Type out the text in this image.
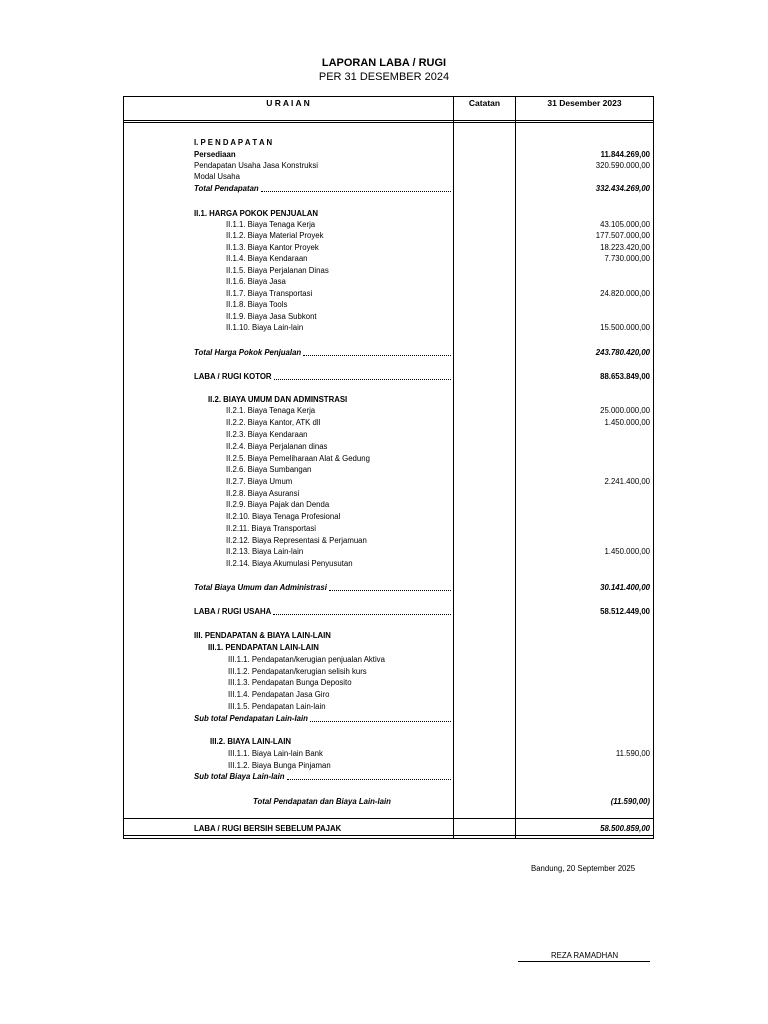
LAPORAN LABA / RUGI
PER 31 DESEMBER 2024
U R A I A N	Catatan	31 Desember 2023
I. P E N D A P A T A N
Persediaan	11.844.269,00
Pendapatan Usaha Jasa Konstruksi	320.590.000,00
Modal Usaha
Total Pendapatan	332.434.269,00
II.1. HARGA POKOK PENJUALAN
II.1.1. Biaya Tenaga Kerja	43.105.000,00
II.1.2. Biaya Material Proyek	177.507.000,00
II.1.3. Biaya Kantor Proyek	18.223.420,00
II.1.4. Biaya Kendaraan	7.730.000,00
II.1.5. Biaya Perjalanan Dinas
II.1.6. Biaya Jasa
II.1.7. Biaya Transportasi	24.820.000,00
II.1.8. Biaya Tools
II.1.9. Biaya Jasa Subkont
II.1.10. Biaya Lain-lain	15.500.000,00
Total Harga Pokok Penjualan	243.780.420,00
LABA / RUGI KOTOR	88.653.849,00
II.2. BIAYA UMUM DAN ADMINSTRASI
II.2.1. Biaya Tenaga Kerja	25.000.000,00
II.2.2. Biaya Kantor, ATK dll	1.450.000,00
II.2.3. Biaya Kendaraan
II.2.4. Biaya Perjalanan dinas
II.2.5. Biaya Pemeliharaan Alat & Gedung
II.2.6. Biaya Sumbangan
II.2.7. Biaya Umum	2.241.400,00
II.2.8. Biaya Asuransi
II.2.9. Biaya Pajak dan Denda
II.2.10. Biaya Tenaga Profesional
II.2.11. Biaya Transportasi
II.2.12. Biaya Representasi & Perjamuan
II.2.13. Biaya Lain-lain	1.450.000,00
II.2.14. Biaya Akumulasi Penyusutan
Total Biaya Umum dan Administrasi	30.141.400,00
LABA / RUGI USAHA	58.512.449,00
III. PENDAPATAN & BIAYA LAIN-LAIN
III.1. PENDAPATAN LAIN-LAIN
III.1.1. Pendapatan/kerugian penjualan Aktiva
III.1.2. Pendapatan/kerugian selisih kurs
III.1.3. Pendapatan Bunga Deposito
III.1.4. Pendapatan Jasa Giro
III.1.5. Pendapatan Lain-lain
Sub total Pendapatan Lain-lain
III.2. BIAYA LAIN-LAIN
III.1.1. Biaya Lain-lain Bank	11.590,00
III.1.2. Biaya Bunga Pinjaman
Sub total Biaya Lain-lain
Total Pendapatan dan Biaya Lain-lain	(11.590,00)
LABA / RUGI BERSIH SEBELUM PAJAK	58.500.859,00
Bandung, 20 September 2025
REZA RAMADHAN
